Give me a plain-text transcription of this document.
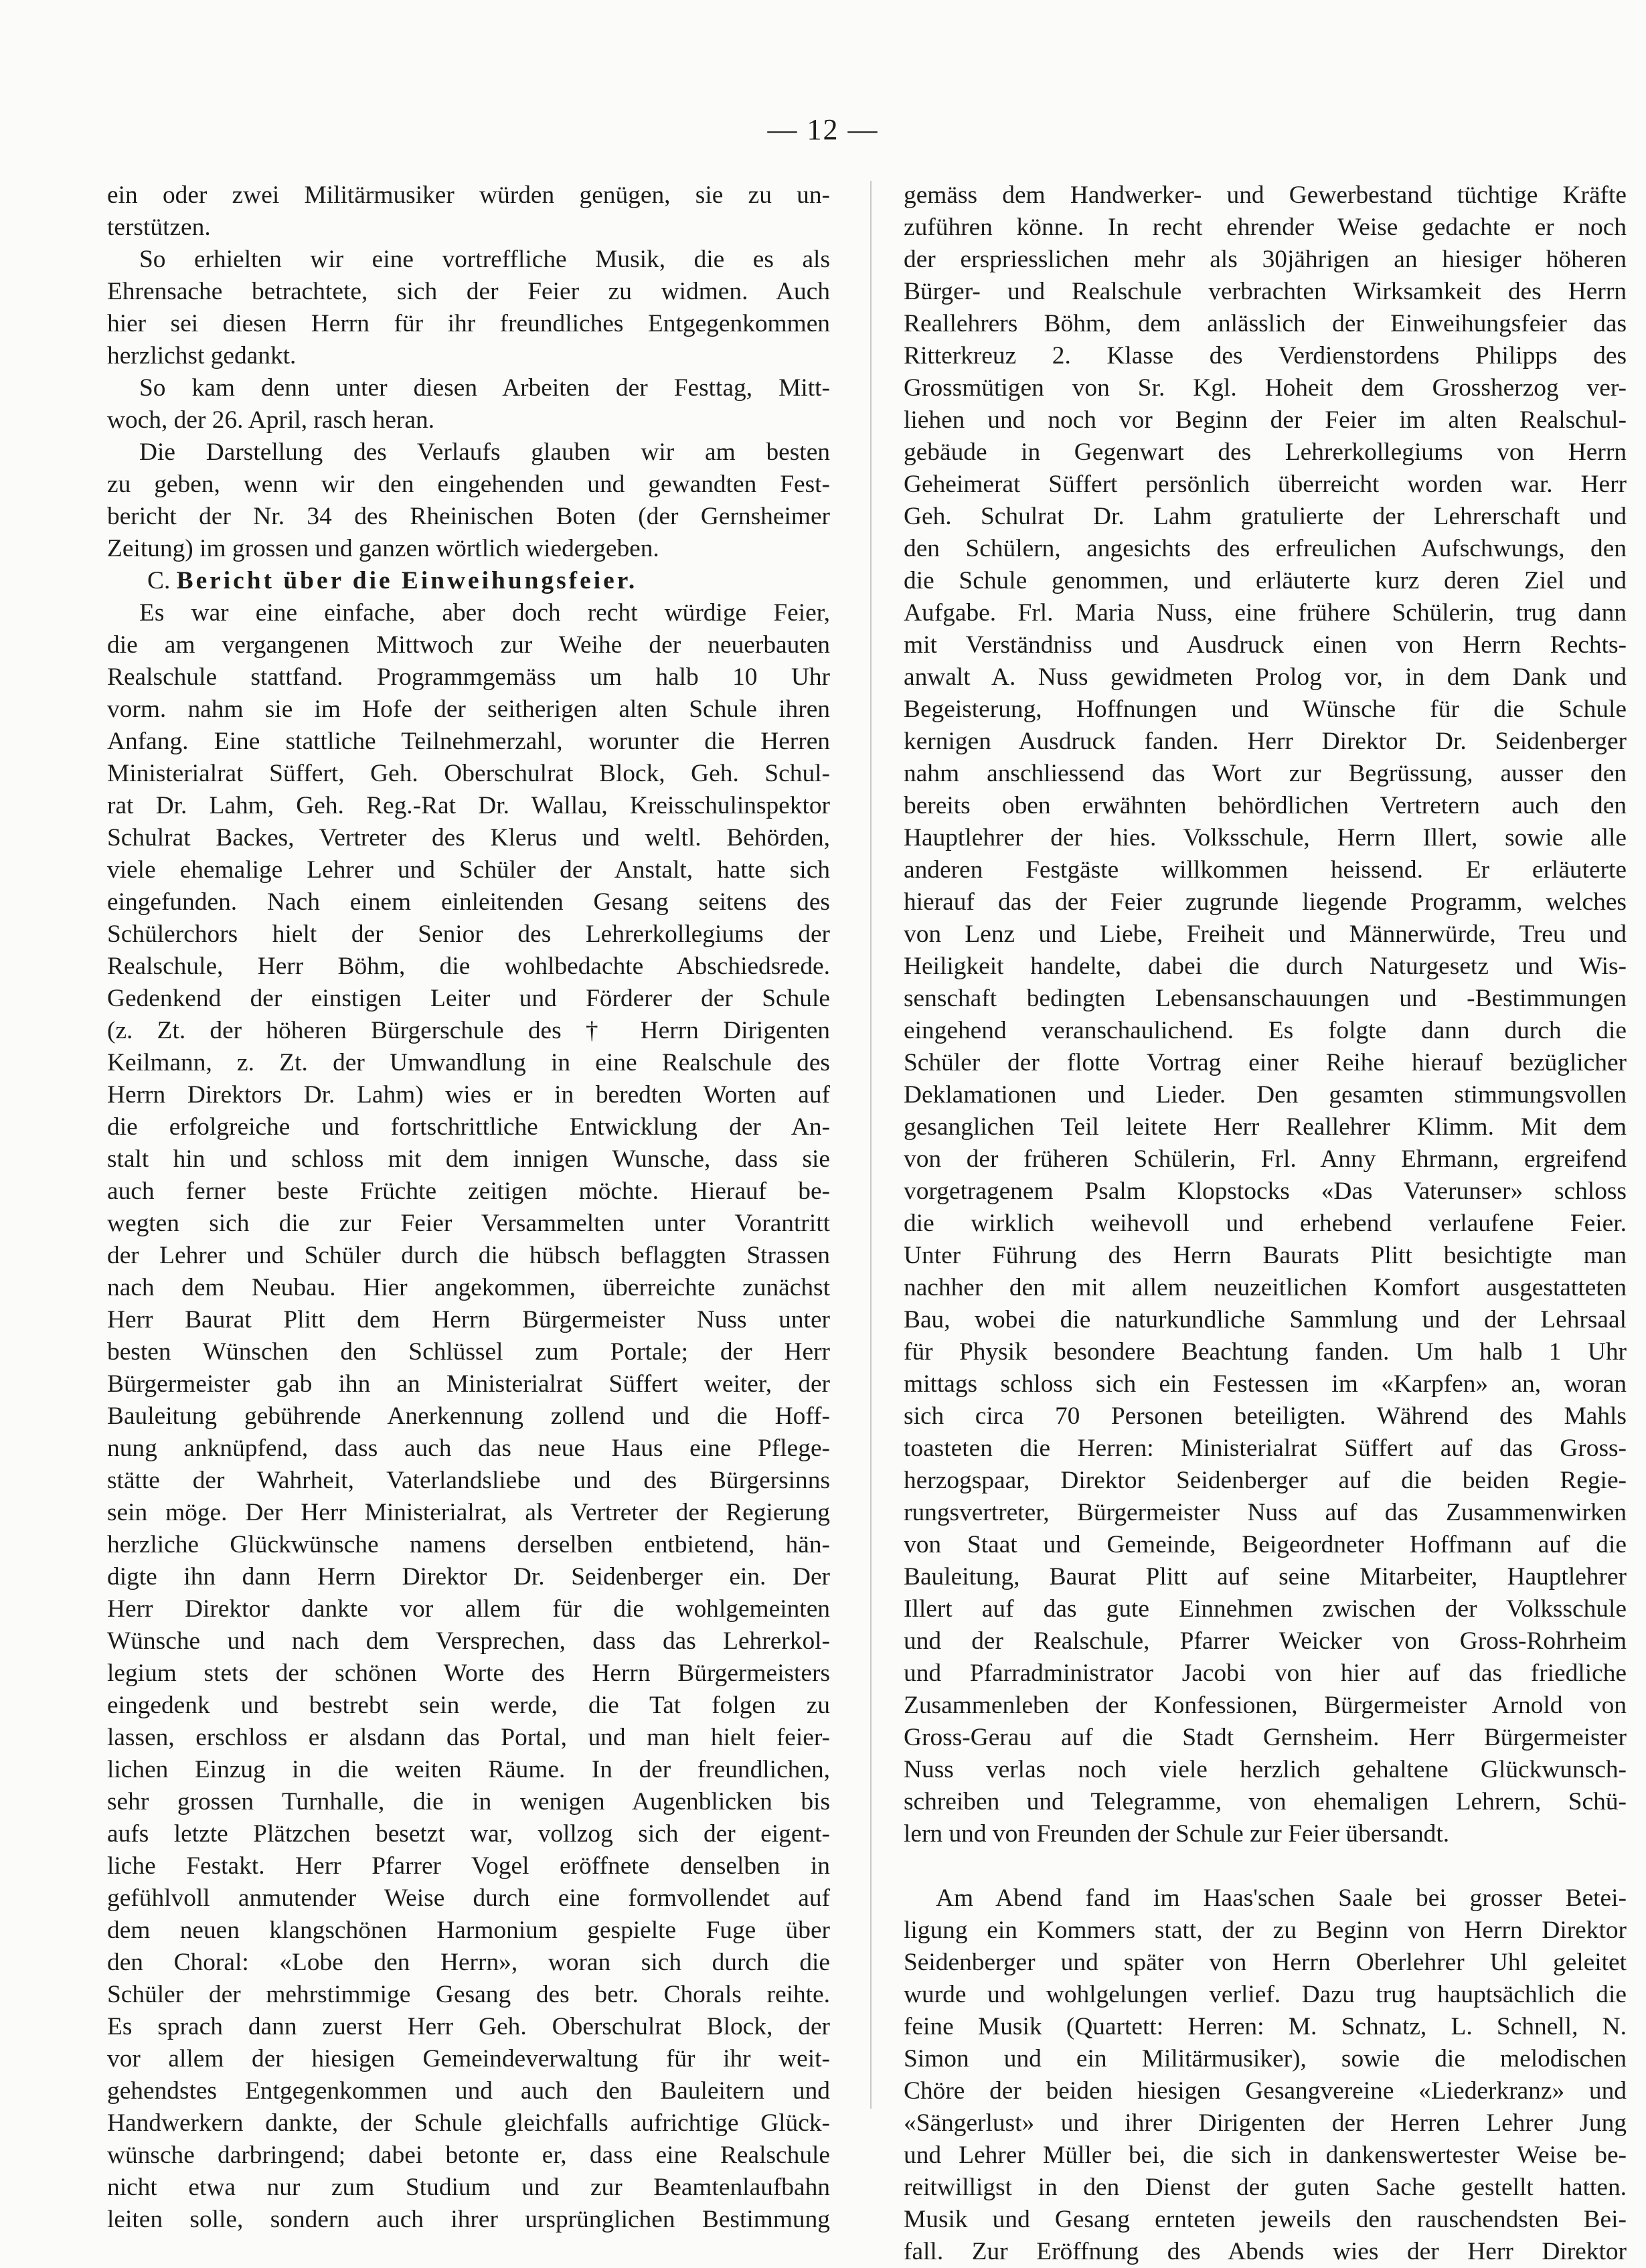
— 12 —
ein oder zwei Militärmusiker würden genügen, sie zu un-
terstützen.
So erhielten wir eine vortreffliche Musik, die es als
Ehrensache betrachtete, sich der Feier zu widmen. Auch
hier sei diesen Herrn für ihr freundliches Entgegenkommen
herzlichst gedankt.
So kam denn unter diesen Arbeiten der Festtag, Mitt-
woch, der 26. April, rasch heran.
Die Darstellung des Verlaufs glauben wir am besten
zu geben, wenn wir den eingehenden und gewandten Fest-
bericht der Nr. 34 des Rheinischen Boten (der Gernsheimer
Zeitung) im grossen und ganzen wörtlich wiedergeben.
C. Bericht über die Einweihungsfeier.
Es war eine einfache, aber doch recht würdige Feier,
die am vergangenen Mittwoch zur Weihe der neuerbauten
Realschule stattfand. Programmgemäss um halb 10 Uhr
vorm. nahm sie im Hofe der seitherigen alten Schule ihren
Anfang. Eine stattliche Teilnehmerzahl, worunter die Herren
Ministerialrat Süffert, Geh. Oberschulrat Block, Geh. Schul-
rat Dr. Lahm, Geh. Reg.-Rat Dr. Wallau, Kreisschulinspektor
Schulrat Backes, Vertreter des Klerus und weltl. Behörden,
viele ehemalige Lehrer und Schüler der Anstalt, hatte sich
eingefunden. Nach einem einleitenden Gesang seitens des
Schülerchors hielt der Senior des Lehrerkollegiums der
Realschule, Herr Böhm, die wohlbedachte Abschiedsrede.
Gedenkend der einstigen Leiter und Förderer der Schule
(z. Zt. der höheren Bürgerschule des † Herrn Dirigenten
Keilmann, z. Zt. der Umwandlung in eine Realschule des
Herrn Direktors Dr. Lahm) wies er in beredten Worten auf
die erfolgreiche und fortschrittliche Entwicklung der An-
stalt hin und schloss mit dem innigen Wunsche, dass sie
auch ferner beste Früchte zeitigen möchte. Hierauf be-
wegten sich die zur Feier Versammelten unter Vorantritt
der Lehrer und Schüler durch die hübsch beflaggten Strassen
nach dem Neubau. Hier angekommen, überreichte zunächst
Herr Baurat Plitt dem Herrn Bürgermeister Nuss unter
besten Wünschen den Schlüssel zum Portale; der Herr
Bürgermeister gab ihn an Ministerialrat Süffert weiter, der
Bauleitung gebührende Anerkennung zollend und die Hoff-
nung anknüpfend, dass auch das neue Haus eine Pflege-
stätte der Wahrheit, Vaterlandsliebe und des Bürgersinns
sein möge. Der Herr Ministerialrat, als Vertreter der Regierung
herzliche Glückwünsche namens derselben entbietend, hän-
digte ihn dann Herrn Direktor Dr. Seidenberger ein. Der
Herr Direktor dankte vor allem für die wohlgemeinten
Wünsche und nach dem Versprechen, dass das Lehrerkol-
legium stets der schönen Worte des Herrn Bürgermeisters
eingedenk und bestrebt sein werde, die Tat folgen zu
lassen, erschloss er alsdann das Portal, und man hielt feier-
lichen Einzug in die weiten Räume. In der freundlichen,
sehr grossen Turnhalle, die in wenigen Augenblicken bis
aufs letzte Plätzchen besetzt war, vollzog sich der eigent-
liche Festakt. Herr Pfarrer Vogel eröffnete denselben in
gefühlvoll anmutender Weise durch eine formvollendet auf
dem neuen klangschönen Harmonium gespielte Fuge über
den Choral: «Lobe den Herrn», woran sich durch die
Schüler der mehrstimmige Gesang des betr. Chorals reihte.
Es sprach dann zuerst Herr Geh. Oberschulrat Block, der
vor allem der hiesigen Gemeindeverwaltung für ihr weit-
gehendstes Entgegenkommen und auch den Bauleitern und
Handwerkern dankte, der Schule gleichfalls aufrichtige Glück-
wünsche darbringend; dabei betonte er, dass eine Realschule
nicht etwa nur zum Studium und zur Beamtenlaufbahn
leiten solle, sondern auch ihrer ursprünglichen Bestimmung
gemäss dem Handwerker- und Gewerbestand tüchtige Kräfte
zuführen könne. In recht ehrender Weise gedachte er noch
der erspriesslichen mehr als 30jährigen an hiesiger höheren
Bürger- und Realschule verbrachten Wirksamkeit des Herrn
Reallehrers Böhm, dem anlässlich der Einweihungsfeier das
Ritterkreuz 2. Klasse des Verdienstordens Philipps des
Grossmütigen von Sr. Kgl. Hoheit dem Grossherzog ver-
liehen und noch vor Beginn der Feier im alten Realschul-
gebäude in Gegenwart des Lehrerkollegiums von Herrn
Geheimerat Süffert persönlich überreicht worden war. Herr
Geh. Schulrat Dr. Lahm gratulierte der Lehrerschaft und
den Schülern, angesichts des erfreulichen Aufschwungs, den
die Schule genommen, und erläuterte kurz deren Ziel und
Aufgabe. Frl. Maria Nuss, eine frühere Schülerin, trug dann
mit Verständniss und Ausdruck einen von Herrn Rechts-
anwalt A. Nuss gewidmeten Prolog vor, in dem Dank und
Begeisterung, Hoffnungen und Wünsche für die Schule
kernigen Ausdruck fanden. Herr Direktor Dr. Seidenberger
nahm anschliessend das Wort zur Begrüssung, ausser den
bereits oben erwähnten behördlichen Vertretern auch den
Hauptlehrer der hies. Volksschule, Herrn Illert, sowie alle
anderen Festgäste willkommen heissend. Er erläuterte
hierauf das der Feier zugrunde liegende Programm, welches
von Lenz und Liebe, Freiheit und Männerwürde, Treu und
Heiligkeit handelte, dabei die durch Naturgesetz und Wis-
senschaft bedingten Lebensanschauungen und -Bestimmungen
eingehend veranschaulichend. Es folgte dann durch die
Schüler der flotte Vortrag einer Reihe hierauf bezüglicher
Deklamationen und Lieder. Den gesamten stimmungsvollen
gesanglichen Teil leitete Herr Reallehrer Klimm. Mit dem
von der früheren Schülerin, Frl. Anny Ehrmann, ergreifend
vorgetragenem Psalm Klopstocks «Das Vaterunser» schloss
die wirklich weihevoll und erhebend verlaufene Feier.
Unter Führung des Herrn Baurats Plitt besichtigte man
nachher den mit allem neuzeitlichen Komfort ausgestatteten
Bau, wobei die naturkundliche Sammlung und der Lehrsaal
für Physik besondere Beachtung fanden. Um halb 1 Uhr
mittags schloss sich ein Festessen im «Karpfen» an, woran
sich circa 70 Personen beteiligten. Während des Mahls
toasteten die Herren: Ministerialrat Süffert auf das Gross-
herzogspaar, Direktor Seidenberger auf die beiden Regie-
rungsvertreter, Bürgermeister Nuss auf das Zusammenwirken
von Staat und Gemeinde, Beigeordneter Hoffmann auf die
Bauleitung, Baurat Plitt auf seine Mitarbeiter, Hauptlehrer
Illert auf das gute Einnehmen zwischen der Volksschule
und der Realschule, Pfarrer Weicker von Gross-Rohrheim
und Pfarradministrator Jacobi von hier auf das friedliche
Zusammenleben der Konfessionen, Bürgermeister Arnold von
Gross-Gerau auf die Stadt Gernsheim. Herr Bürgermeister
Nuss verlas noch viele herzlich gehaltene Glückwunsch-
schreiben und Telegramme, von ehemaligen Lehrern, Schü-
lern und von Freunden der Schule zur Feier übersandt.
Am Abend fand im Haas'schen Saale bei grosser Betei-
ligung ein Kommers statt, der zu Beginn von Herrn Direktor
Seidenberger und später von Herrn Oberlehrer Uhl geleitet
wurde und wohlgelungen verlief. Dazu trug hauptsächlich die
feine Musik (Quartett: Herren: M. Schnatz, L. Schnell, N.
Simon und ein Militärmusiker), sowie die melodischen
Chöre der beiden hiesigen Gesangvereine «Liederkranz» und
«Sängerlust» und ihrer Dirigenten der Herren Lehrer Jung
und Lehrer Müller bei, die sich in dankenswertester Weise be-
reitwilligst in den Dienst der guten Sache gestellt hatten.
Musik und Gesang ernteten jeweils den rauschendsten Bei-
fall. Zur Eröffnung des Abends wies der Herr Direktor
